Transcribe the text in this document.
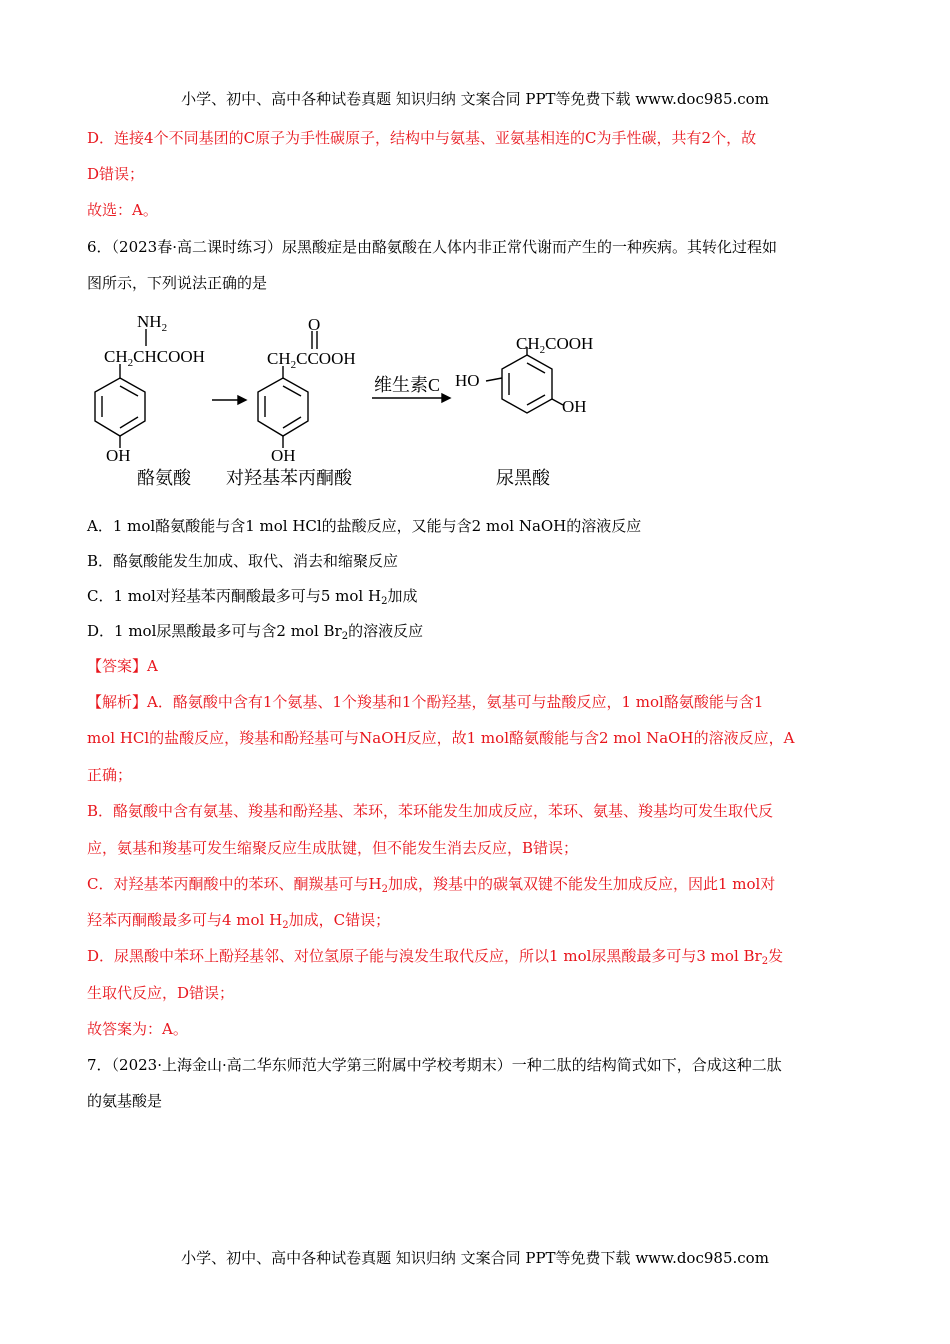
小学、初中、高中各种试卷真题 知识归纳 文案合同 PPT等免费下载 www.doc985.com
D．连接4个不同基团的C原子为手性碳原子，结构中与氨基、亚氨基相连的C为手性碳，共有2个，故
D错误；
故选：A。
6．（2023春·高二课时练习）尿黑酸症是由酪氨酸在人体内非正常代谢而产生的一种疾病。其转化过程如
图所示，下列说法正确的是
$NH_2$
$CH_2CHCOOH$
OH
酪氨酸
O
$CH_2CCOOH$
OH
对羟基苯丙酮酸
维生素C
$CH_2COOH$
HO
OH
尿黑酸
A．1 mol酪氨酸能与含1 mol HCl的盐酸反应，又能与含2 mol NaOH的溶液反应
B．酪氨酸能发生加成、取代、消去和缩聚反应
C．1 mol对羟基苯丙酮酸最多可与5 mol $H_2$加成
D．1 mol尿黑酸最多可与含2 mol $Br_2$的溶液反应
【答案】A
【解析】A．酪氨酸中含有1个氨基、1个羧基和1个酚羟基，氨基可与盐酸反应，1 mol酪氨酸能与含1
mol HCl的盐酸反应，羧基和酚羟基可与NaOH反应，故1 mol酪氨酸能与含2 mol NaOH的溶液反应，A
正确；
B．酪氨酸中含有氨基、羧基和酚羟基、苯环，苯环能发生加成反应，苯环、氨基、羧基均可发生取代反
应，氨基和羧基可发生缩聚反应生成肽键，但不能发生消去反应，B错误；
C．对羟基苯丙酮酸中的苯环、酮羰基可与$H_2$加成，羧基中的碳氧双键不能发生加成反应，因此1 mol对
羟苯丙酮酸最多可与4 mol $H_2$加成，C错误；
D．尿黑酸中苯环上酚羟基邻、对位氢原子能与溴发生取代反应，所以1 mol尿黑酸最多可与3 mol $Br_2$发
生取代反应，D错误；
故答案为：A。
7．（2023·上海金山·高二华东师范大学第三附属中学校考期末）一种二肽的结构简式如下，合成这种二肽
的氨基酸是
小学、初中、高中各种试卷真题 知识归纳 文案合同 PPT等免费下载 www.doc985.com
